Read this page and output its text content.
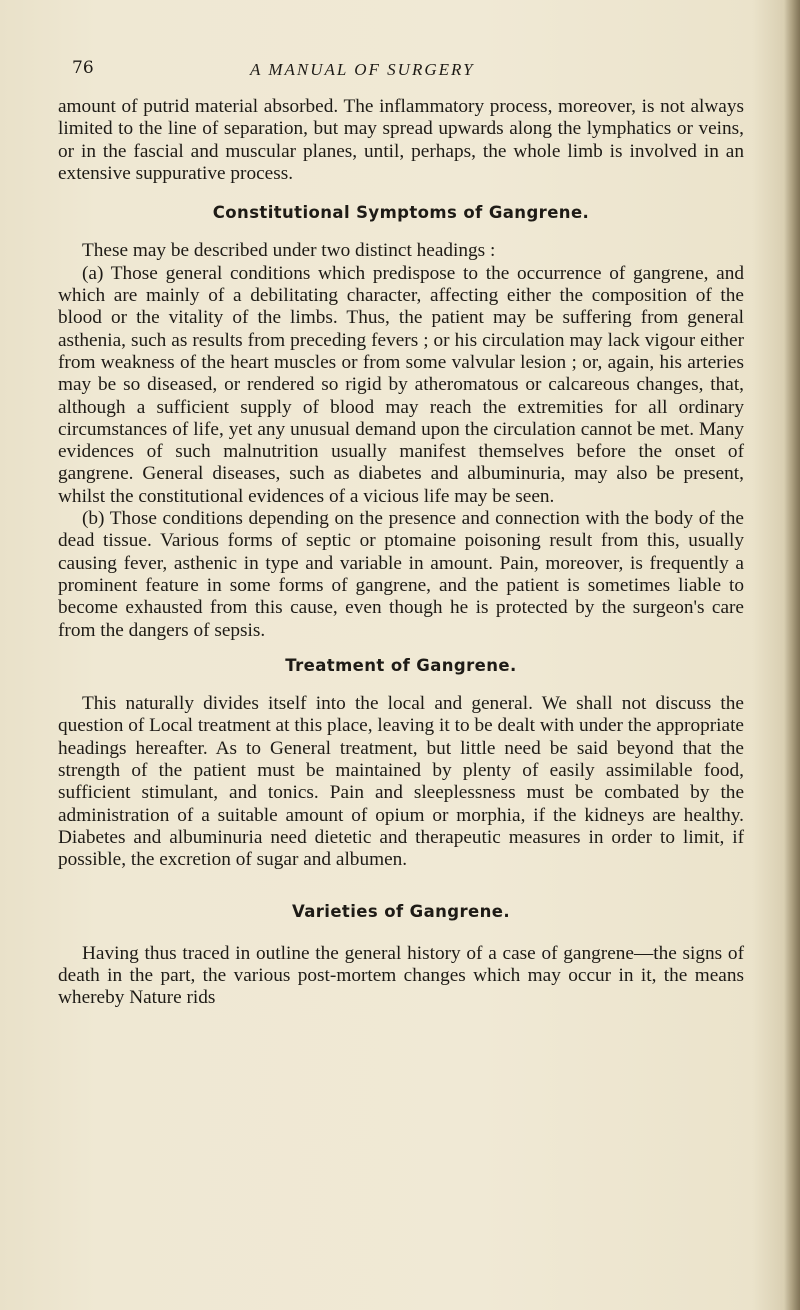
76	A MANUAL OF SURGERY

amount of putrid material absorbed. The inflammatory process, moreover, is not always limited to the line of separation, but may spread upwards along the lymphatics or veins, or in the fascial and muscular planes, until, perhaps, the whole limb is involved in an extensive suppurative process.

Constitutional Symptoms of Gangrene.

These may be described under two distinct headings :

(a) Those general conditions which predispose to the occurrence of gangrene, and which are mainly of a debilitating character, affecting either the composition of the blood or the vitality of the limbs. Thus, the patient may be suffering from general asthenia, such as results from preceding fevers ; or his circulation may lack vigour either from weakness of the heart muscles or from some valvular lesion ; or, again, his arteries may be so diseased, or rendered so rigid by atheromatous or calcareous changes, that, although a sufficient supply of blood may reach the extremities for all ordinary circumstances of life, yet any unusual demand upon the circulation cannot be met. Many evidences of such malnutrition usually manifest themselves before the onset of gangrene. General diseases, such as diabetes and albuminuria, may also be present, whilst the constitutional evidences of a vicious life may be seen.

(b) Those conditions depending on the presence and connection with the body of the dead tissue. Various forms of septic or ptomaine poisoning result from this, usually causing fever, asthenic in type and variable in amount. Pain, moreover, is frequently a prominent feature in some forms of gangrene, and the patient is sometimes liable to become exhausted from this cause, even though he is protected by the surgeon's care from the dangers of sepsis.

Treatment of Gangrene.

This naturally divides itself into the local and general. We shall not discuss the question of Local treatment at this place, leaving it to be dealt with under the appropriate headings hereafter. As to General treatment, but little need be said beyond that the strength of the patient must be maintained by plenty of easily assimilable food, sufficient stimulant, and tonics. Pain and sleeplessness must be combated by the administration of a suitable amount of opium or morphia, if the kidneys are healthy. Diabetes and albuminuria need dietetic and therapeutic measures in order to limit, if possible, the excretion of sugar and albumen.

Varieties of Gangrene.

Having thus traced in outline the general history of a case of gangrene—the signs of death in the part, the various post-mortem changes which may occur in it, the means whereby Nature rids
